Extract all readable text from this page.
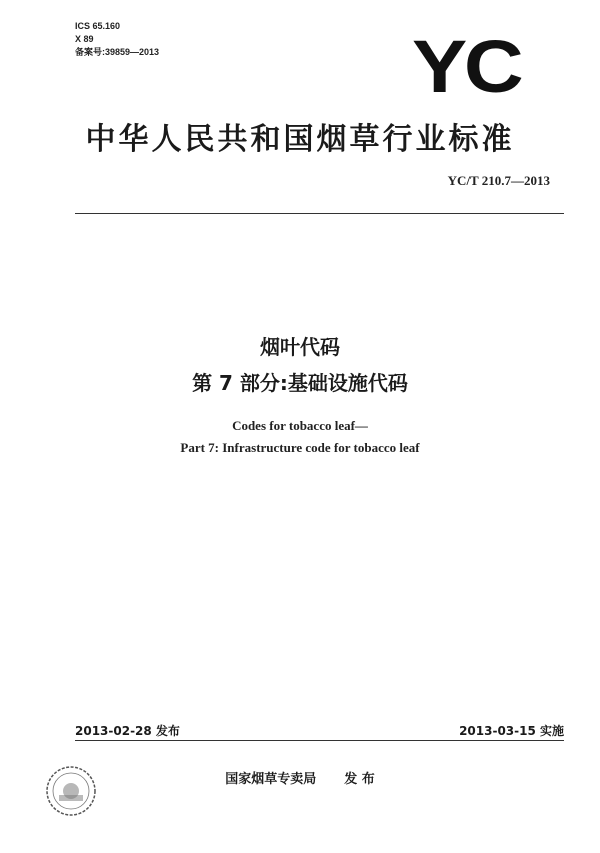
ICS 65.160
X 89
备案号:39859—2013	YC
中华人民共和国烟草行业标准
YC/T 210.7—2013
烟叶代码
第 7 部分:基础设施代码
Codes for tobacco leaf—
Part 7: Infrastructure code for tobacco leaf
2013-02-28 发布	2013-03-15 实施
国家烟草专卖局 发 布
